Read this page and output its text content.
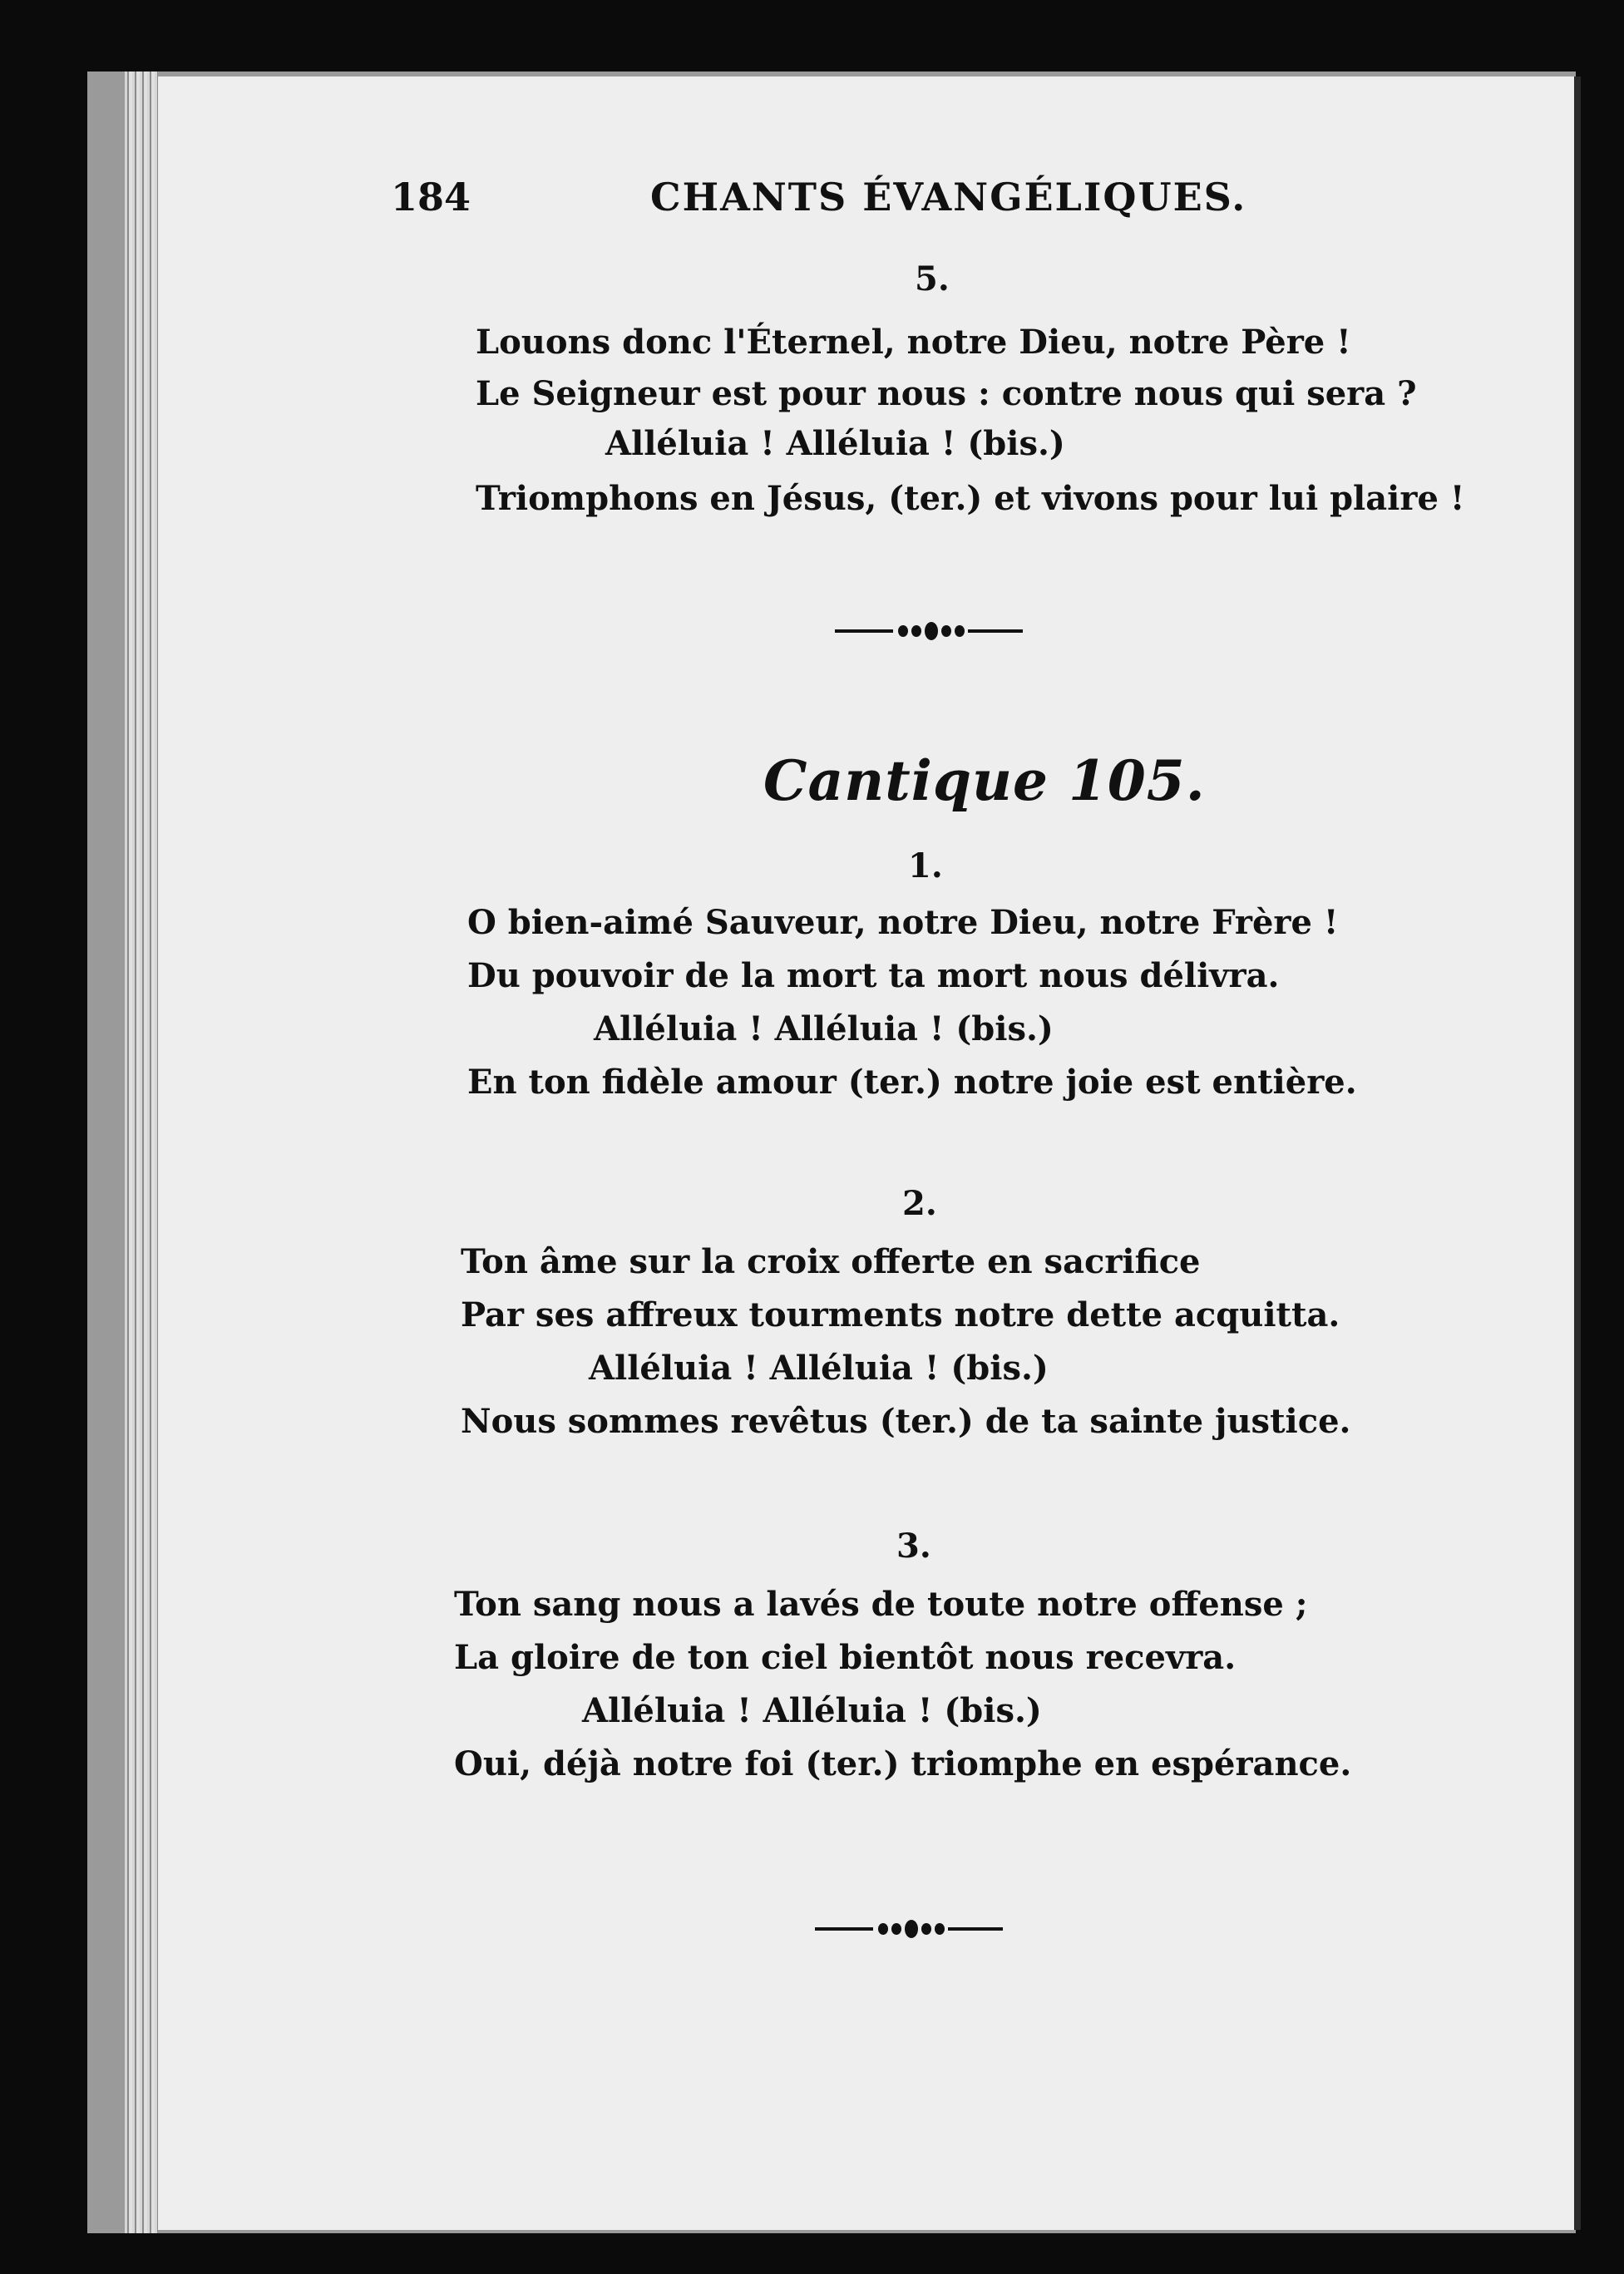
184	CHANTS ÉVANGÉLIQUES.
5.
Louons donc l'Éternel, notre Dieu, notre Père !
Le Seigneur est pour nous : contre nous qui sera ?
Alléluia ! Alléluia ! (bis.)
Triomphons en Jésus, (ter.) et vivons pour lui plaire !
Cantique 105.
1.
O bien-aimé Sauveur, notre Dieu, notre Frère !
Du pouvoir de la mort ta mort nous délivra.
Alléluia ! Alléluia ! (bis.)
En ton fidèle amour (ter.) notre joie est entière.
2.
Ton âme sur la croix offerte en sacrifice
Par ses affreux tourments notre dette acquitta.
Alléluia ! Alléluia ! (bis.)
Nous sommes revêtus (ter.) de ta sainte justice.
3.
Ton sang nous a lavés de toute notre offense ;
La gloire de ton ciel bientôt nous recevra.
Alléluia ! Alléluia ! (bis.)
Oui, déjà notre foi (ter.) triomphe en espérance.
